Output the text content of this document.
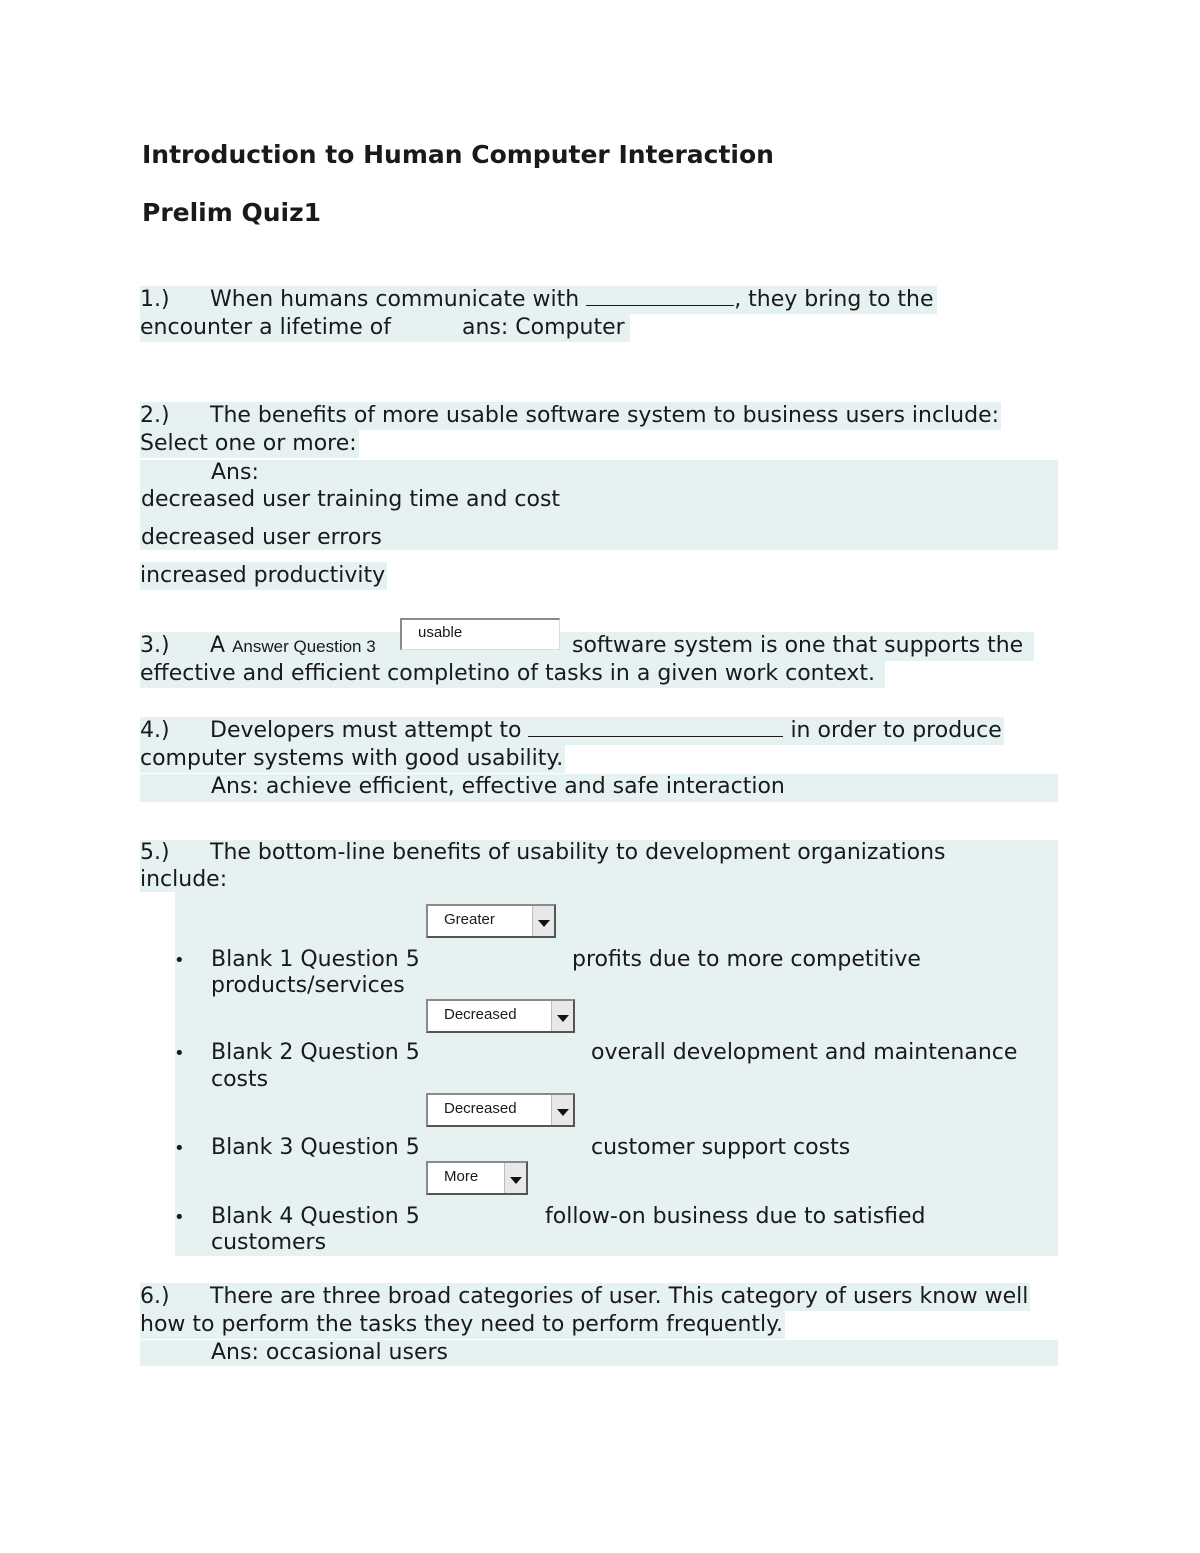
Introduction to Human Computer Interaction
Prelim Quiz1
1.) When humans communicate with	, they bring to the
encounter a lifetime of	ans: Computer
2.) The benefits of more usable software system to business users include:
Select one or more:
Ans:
decreased user training time and cost
decreased user errors
increased productivity
3.) A Answer Question 3	software system is one that supports the
usable
effective and efficient completino of tasks in a given work context.
4.) Developers must attempt to	in order to produce
computer systems with good usability.
Ans: achieve efficient, effective and safe interaction
5.) The bottom-line benefits of usability to development organizations
include:
Greater
• Blank 1 Question 5	profits due to more competitive
products/services
Decreased
• Blank 2 Question 5	overall development and maintenance
costs
Decreased
• Blank 3 Question 5	customer support costs
More
• Blank 4 Question 5	follow-on business due to satisfied
customers
6.) There are three broad categories of user. This category of users know well
how to perform the tasks they need to perform frequently.
Ans: occasional users
